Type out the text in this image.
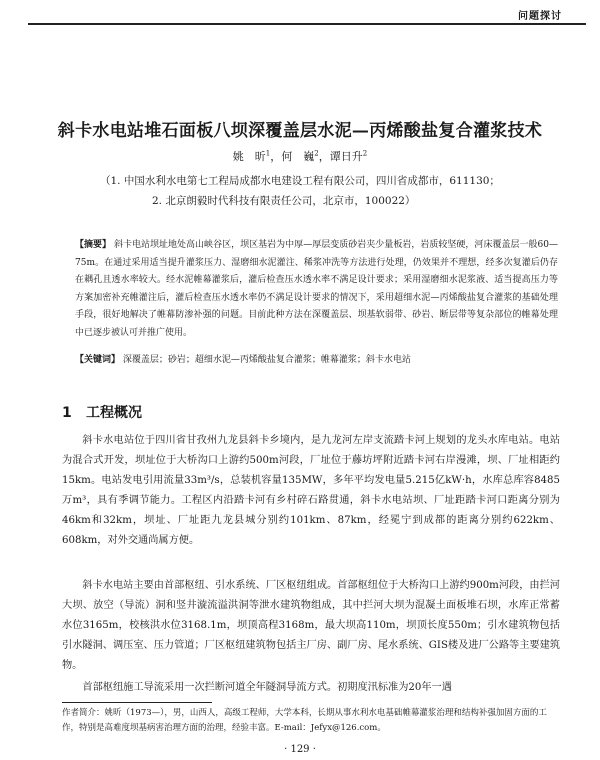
问题探讨
斜卡水电站堆石面板八坝深覆盖层水泥—丙烯酸盐复合灌浆技术
姚　昕$^1$，何　巍$^2$，谭日升$^2$
（1. 中国水利水电第七工程局成都水电建设工程有限公司，四川省成都市，611130；
2. 北京朗毅时代科技有限责任公司，北京市，100022）
【摘要】 斜卡电站坝址地处高山峡谷区，坝区基岩为中厚—厚层变质砂岩夹少量板岩，岩质较坚硬，河床覆盖层一般60—75m。在通过采用适当提升灌浆压力、湿磨细水泥灌注、稀浆冲洗等方法进行处理，仍效果并不理想，经多次复灌后仍存在耦孔且透水率较大。经水泥帷幕灌浆后，灌后检查压水透水率不满足设计要求；采用湿磨细水泥浆液、适当提高压力等方案加密补充帷灌注后，灌后检查压水透水率仍不满足设计要求的情况下，采用超细水泥—丙烯酸盐复合灌浆的基础处理手段，很好地解决了帷幕防渗补强的问题。目前此种方法在深覆盖层、坝基软弱带、砂岩、断层带等复杂部位的帷幕处理中已逐步被认可并推广使用。
【关键词】 深覆盖层；砂岩；超细水泥—丙烯酸盐复合灌浆；帷幕灌浆；斜卡水电站
1 工程概况
斜卡水电站位于四川省甘孜州九龙县斜卡乡境内，是九龙河左岸支流踏卡河上规划的龙头水库电站。电站为混合式开发，坝址位于大桥沟口上游约500m河段，厂址位于藤坊坪附近踏卡河右岸漫滩，坝、厂址相距约15km。电站发电引用流量33m³/s，总装机容量135MW，多年平均发电量5.215亿kW·h，水库总库容8485万m³，具有季调节能力。工程区内沿踏卡河有乡村碎石路贯通，斜卡水电站坝、厂址距踏卡河口距离分别为46km和32km，坝址、厂址距九龙县城分别约101km、87km，经冕宁到成都的距离分别约622km、608km，对外交通尚属方便。
斜卡水电站主要由首部枢纽、引水系统、厂区枢纽组成。首部枢纽位于大桥沟口上游约900m河段，由拦河大坝、放空（导流）洞和竖井漩流溢洪洞等泄水建筑物组成，其中拦河大坝为混凝土面板堆石坝，水库正常蓄水位3165m，校核洪水位3168.1m，坝顶高程3168m，最大坝高110m，坝顶长度550m；引水建筑物包括引水隧洞、调压室、压力管道；厂区枢纽建筑物包括主厂房、副厂房、尾水系统、GIS楼及进厂公路等主要建筑物。
首部枢纽施工导流采用一次拦断河道全年隧洞导流方式。初期度汛标准为20年一遇
作者简介：姚昕（1973—），男，山西人，高级工程师，大学本科，长期从事水利水电基础帷幕灌浆治理和结构补强加固方面的工作，特别是高难度坝基病害治理方面的治理，经验丰富。E-mail：Jefyx@126.com。
· 129 ·
